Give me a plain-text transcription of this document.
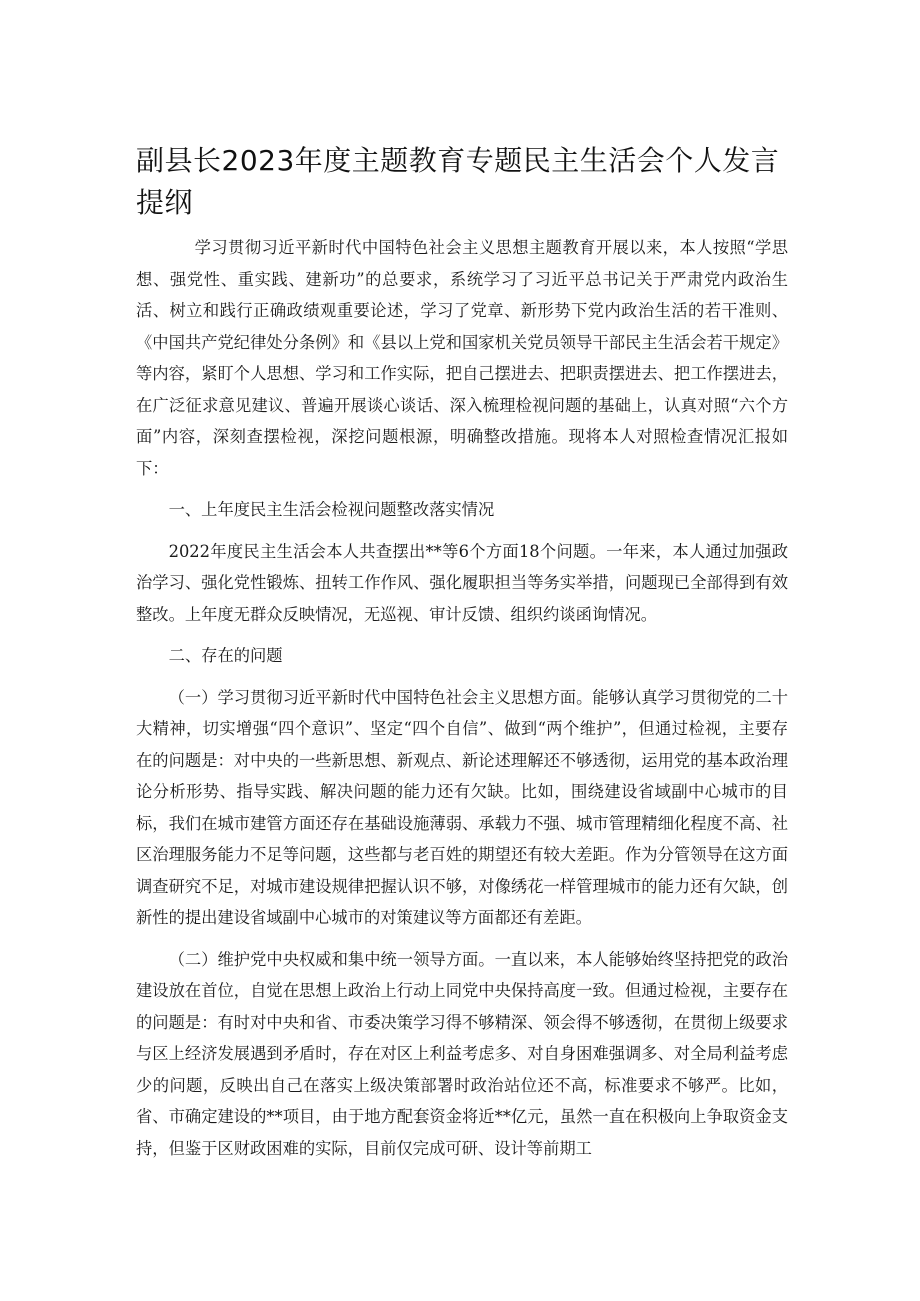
副县长2023年度主题教育专题民主生活会个人发言提纲

学习贯彻习近平新时代中国特色社会主义思想主题教育开展以来，本人按照“学思想、强党性、重实践、建新功”的总要求，系统学习了习近平总书记关于严肃党内政治生活、树立和践行正确政绩观重要论述，学习了党章、新形势下党内政治生活的若干准则、《中国共产党纪律处分条例》和《县以上党和国家机关党员领导干部民主生活会若干规定》等内容，紧盯个人思想、学习和工作实际，把自己摆进去、把职责摆进去、把工作摆进去，在广泛征求意见建议、普遍开展谈心谈话、深入梳理检视问题的基础上，认真对照“六个方面”内容，深刻查摆检视，深挖问题根源，明确整改措施。现将本人对照检查情况汇报如下：

一、上年度民主生活会检视问题整改落实情况

2022年度民主生活会本人共查摆出**等6个方面18个问题。一年来，本人通过加强政治学习、强化党性锻炼、扭转工作作风、强化履职担当等务实举措，问题现已全部得到有效整改。上年度无群众反映情况，无巡视、审计反馈、组织约谈函询情况。

二、存在的问题

（一）学习贯彻习近平新时代中国特色社会主义思想方面。能够认真学习贯彻党的二十大精神，切实增强“四个意识”、坚定“四个自信”、做到“两个维护”，但通过检视，主要存在的问题是：对中央的一些新思想、新观点、新论述理解还不够透彻，运用党的基本政治理论分析形势、指导实践、解决问题的能力还有欠缺。比如，围绕建设省域副中心城市的目标，我们在城市建管方面还存在基础设施薄弱、承载力不强、城市管理精细化程度不高、社区治理服务能力不足等问题，这些都与老百姓的期望还有较大差距。作为分管领导在这方面调查研究不足，对城市建设规律把握认识不够，对像绣花一样管理城市的能力还有欠缺，创新性的提出建设省域副中心城市的对策建议等方面都还有差距。

（二）维护党中央权威和集中统一领导方面。一直以来，本人能够始终坚持把党的政治建设放在首位，自觉在思想上政治上行动上同党中央保持高度一致。但通过检视，主要存在的问题是：有时对中央和省、市委决策学习得不够精深、领会得不够透彻，在贯彻上级要求与区上经济发展遇到矛盾时，存在对区上利益考虑多、对自身困难强调多、对全局利益考虑少的问题，反映出自己在落实上级决策部署时政治站位还不高，标准要求不够严。比如，省、市确定建设的**项目，由于地方配套资金将近**亿元，虽然一直在积极向上争取资金支持，但鉴于区财政困难的实际，目前仅完成可研、设计等前期工
